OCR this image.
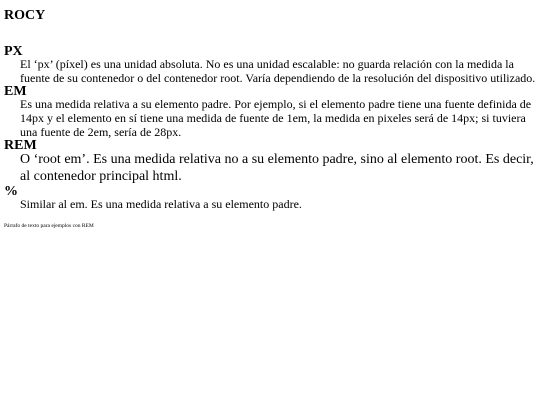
ROCY
PX
El ‘px’ (píxel) es una unidad absoluta. No es una unidad escalable: no guarda relación con la medida la fuente de su contenedor o del contenedor root. Varía dependiendo de la resolución del dispositivo utilizado.
EM
Es una medida relativa a su elemento padre. Por ejemplo, si el elemento padre tiene una fuente definida de 14px y el elemento en sí tiene una medida de fuente de 1em, la medida en pixeles será de 14px; si tuviera una fuente de 2em, sería de 28px.
REM
O ‘root em’. Es una medida relativa no a su elemento padre, sino al elemento root. Es decir, al contenedor principal html.
%
Similar al em. Es una medida relativa a su elemento padre.

Párrafo de texto para ejemplos con REM
